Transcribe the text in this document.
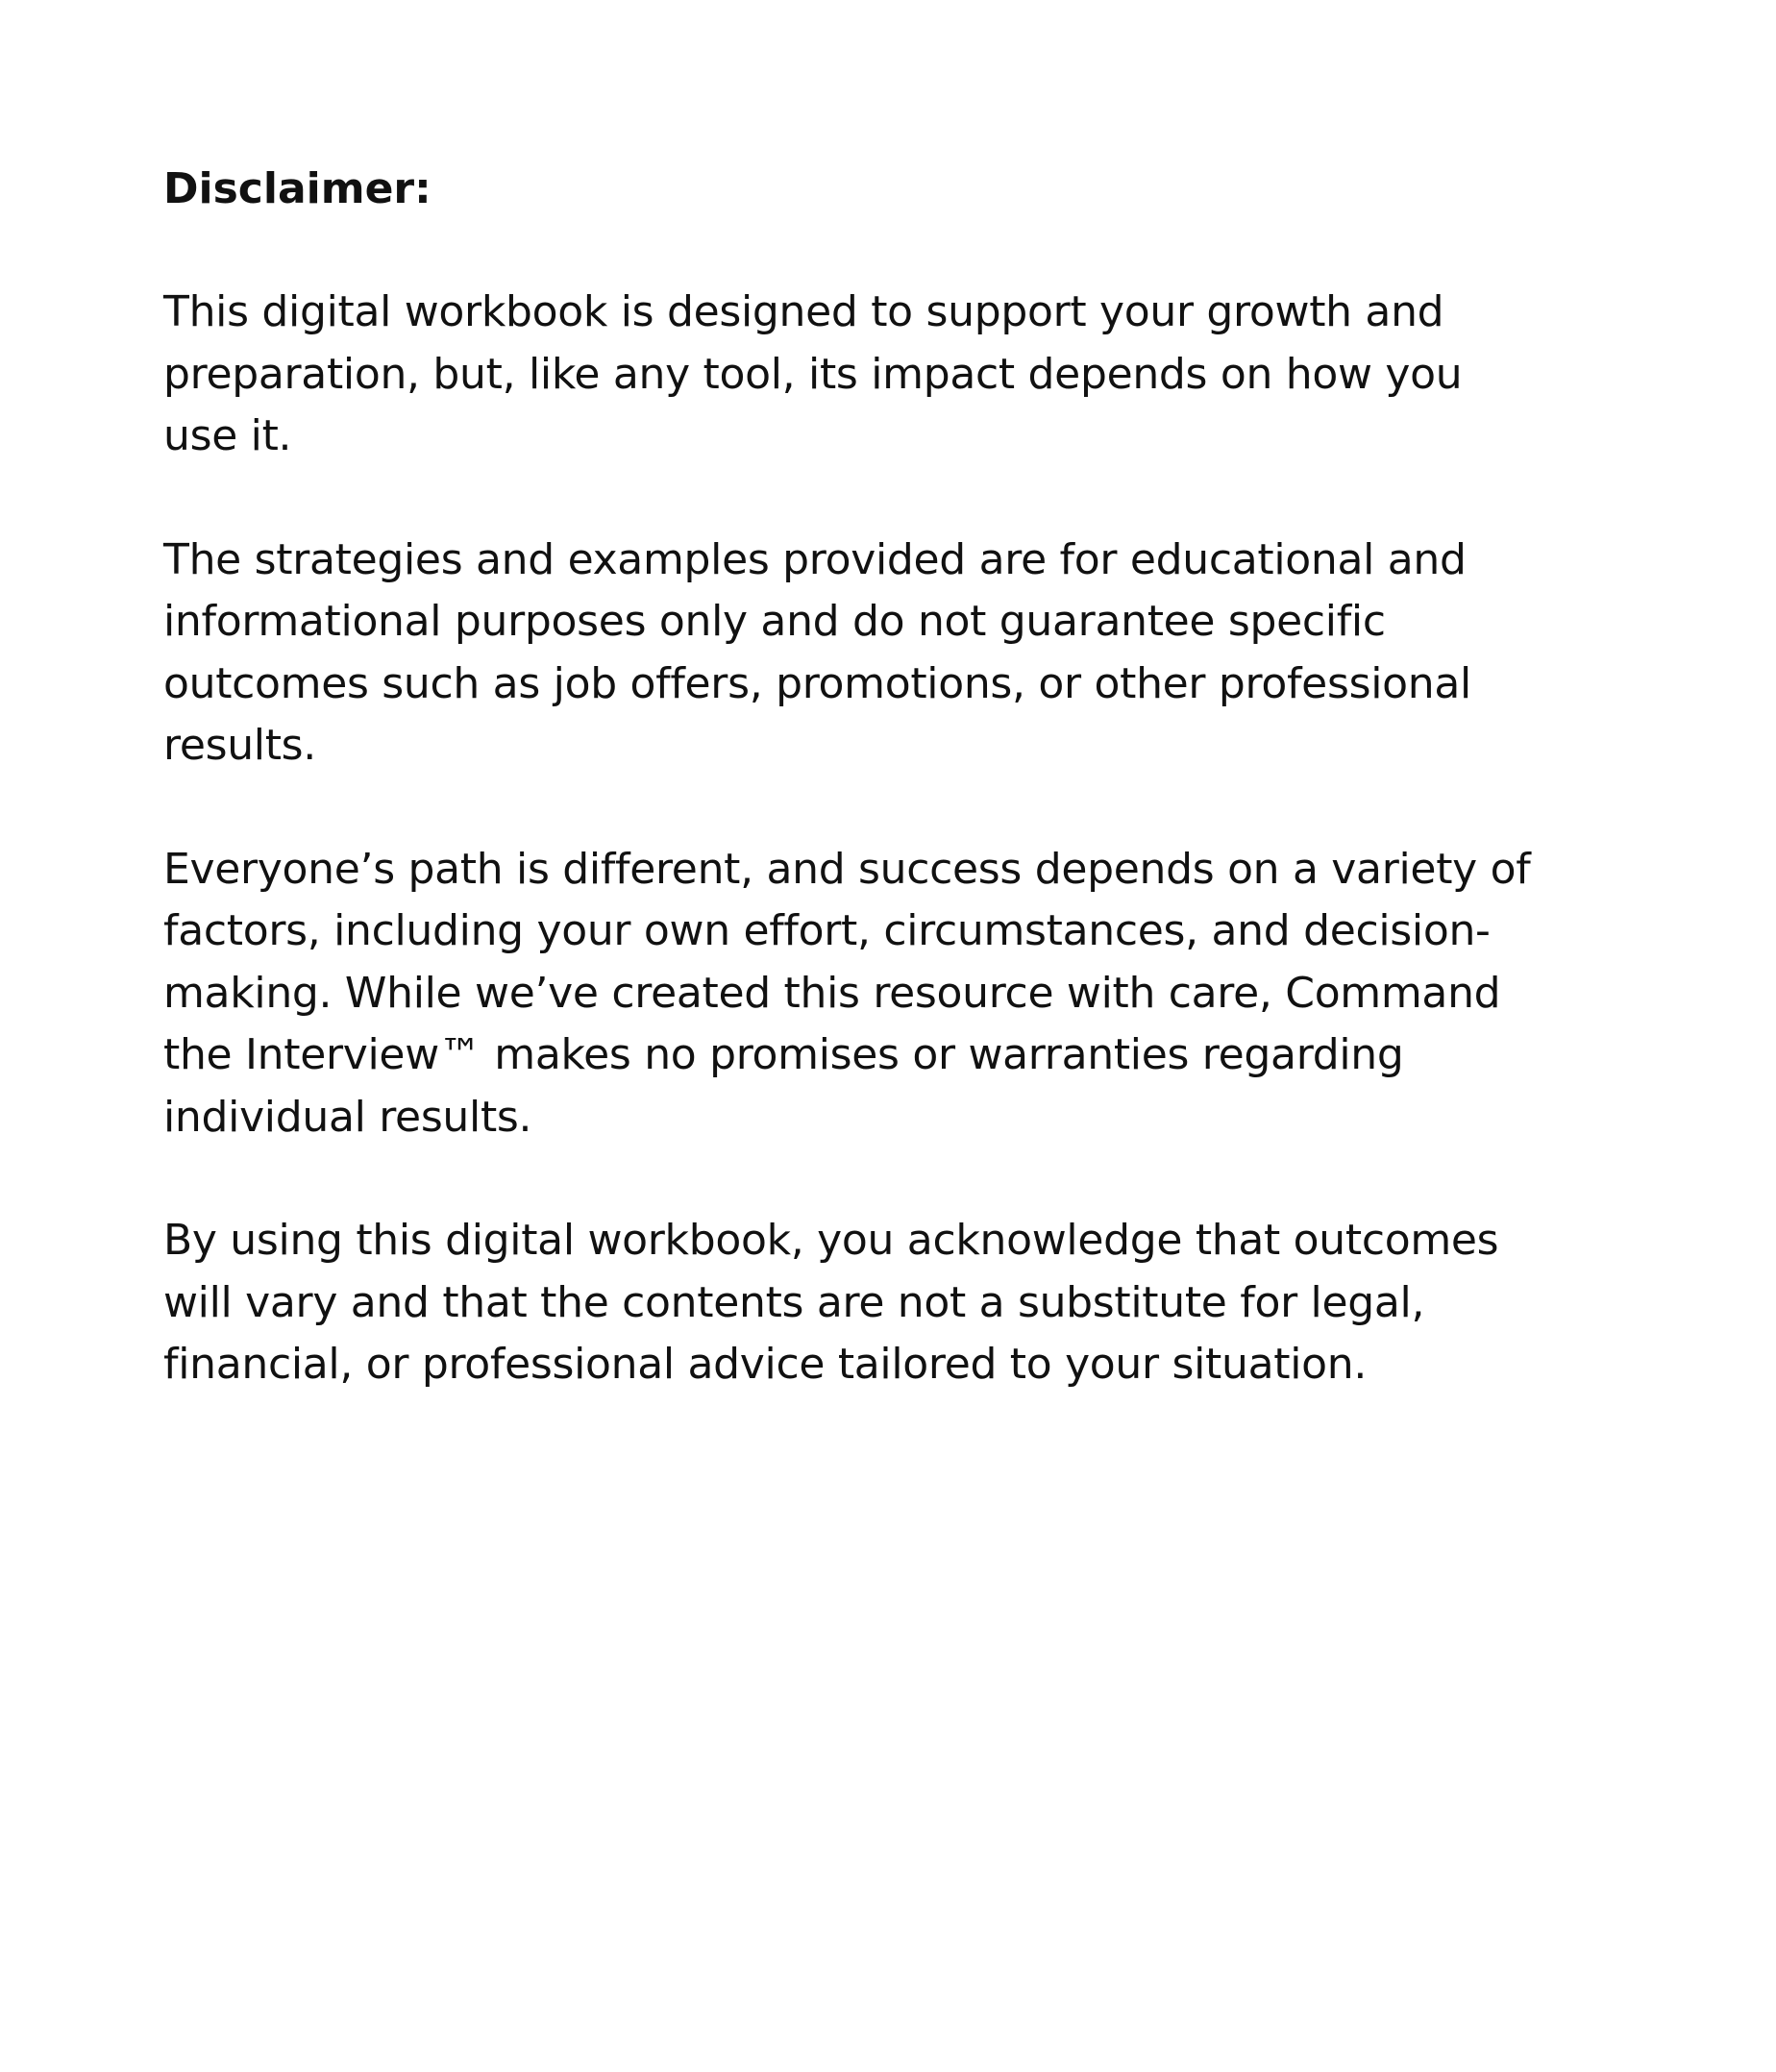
Disclaimer:
This digital workbook is designed to support your growth and
preparation, but, like any tool, its impact depends on how you
use it.
The strategies and examples provided are for educational and
informational purposes only and do not guarantee specific
outcomes such as job offers, promotions, or other professional
results.
Everyone’s path is different, and success depends on a variety of
factors, including your own effort, circumstances, and decision-
making. While we’ve created this resource with care, Command
the Interview™ makes no promises or warranties regarding
individual results.
By using this digital workbook, you acknowledge that outcomes
will vary and that the contents are not a substitute for legal,
financial, or professional advice tailored to your situation.
